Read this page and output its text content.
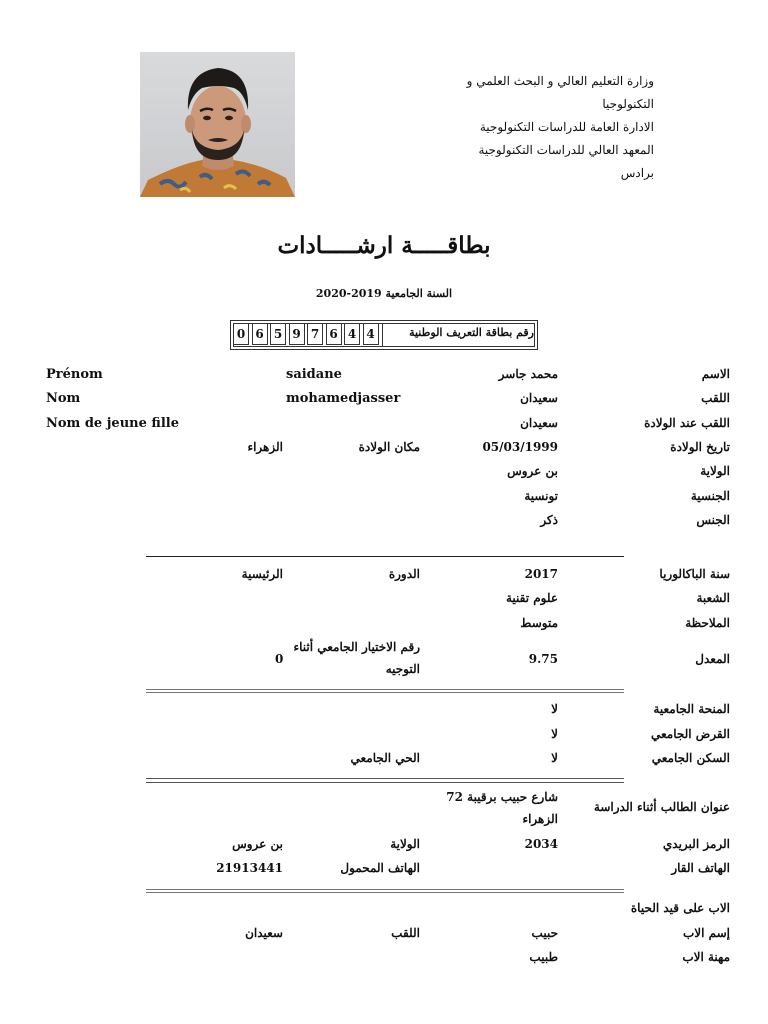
وزارة التعليم العالي و البحث العلمي و
التكنولوجيا
الادارة العامة للدراسات التكنولوجية
المعهد العالي للدراسات التكنولوجية
برادس
بطاقـــــة ارشـــــادات
السنة الجامعية 2019-2020
رقم بطاقة التعريف الوطنية
0 6 5 9 7 6 4 4
الاسم
محمد جاسر
saidane
Prénom
اللقب
سعيدان
mohamedjasser
Nom
اللقب عند الولادة
سعيدان
Nom de jeune fille
تاريخ الولادة
05/03/1999
مكان الولادة
الزهراء
الولاية
بن عروس
الجنسية
تونسية
الجنس
ذكر
سنة الباكالوريا
2017
الدورة
الرئيسية
الشعبة
علوم تقنية
الملاحظة
متوسط
المعدل
9.75
رقم الاختيار الجامعي أثناء
التوجيه
0
المنحة الجامعية
لا
القرض الجامعي
لا
السكن الجامعي
لا
الحي الجامعي
عنوان الطالب أثناء الدراسة
شارع حبيب برقيبة 72
الزهراء
الرمز البريدي
2034
الولاية
بن عروس
الهاتف القار
الهاتف المحمول
21913441
الاب على قيد الحياة
إسم الاب
حبيب
اللقب
سعيدان
مهنة الاب
طبيب
